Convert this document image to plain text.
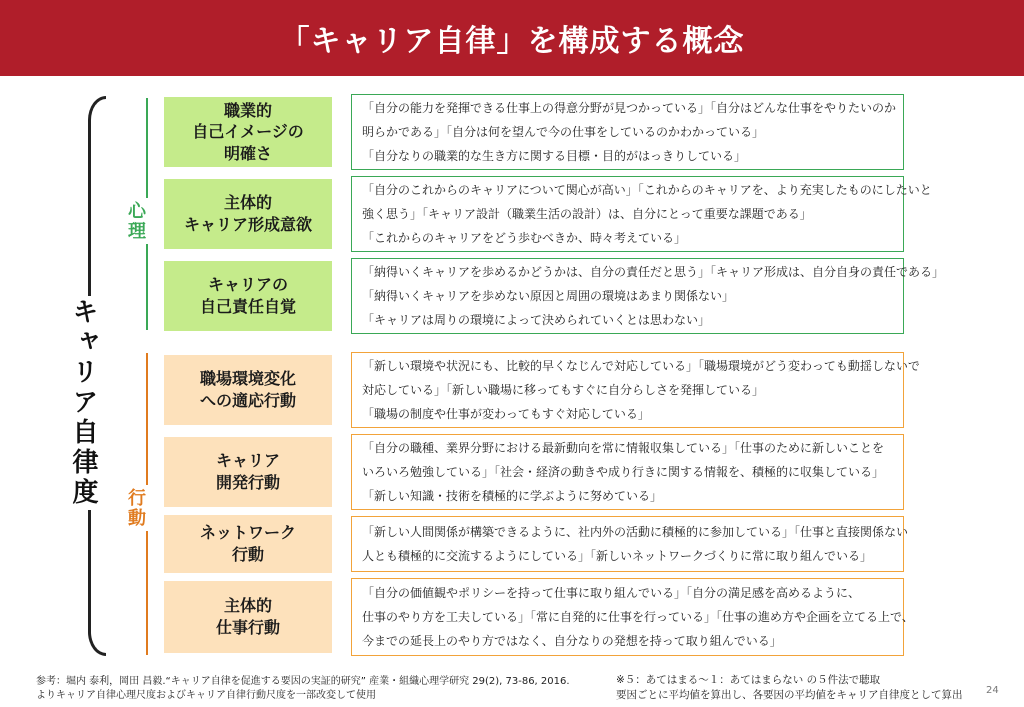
「キャリア自律」を構成する概念
キャリア自律度
心理
行動
職業的
自己イメージの
明確さ
「自分の能力を発揮できる仕事上の得意分野が見つかっている」「自分はどんな仕事をやりたいのか
明らかである」「自分は何を望んで今の仕事をしているのかわかっている」
「自分なりの職業的な生き方に関する目標・目的がはっきりしている」
主体的
キャリア形成意欲
「自分のこれからのキャリアについて関心が高い」「これからのキャリアを、より充実したものにしたいと
強く思う」「キャリア設計（職業生活の設計）は、自分にとって重要な課題である」
「これからのキャリアをどう歩むべきか、時々考えている」
キャリアの
自己責任自覚
「納得いくキャリアを歩めるかどうかは、自分の責任だと思う」「キャリア形成は、自分自身の責任である」
「納得いくキャリアを歩めない原因と周囲の環境はあまり関係ない」
「キャリアは周りの環境によって決められていくとは思わない」
職場環境変化
への適応行動
「新しい環境や状況にも、比較的早くなじんで対応している」「職場環境がどう変わっても動揺しないで
対応している」「新しい職場に移ってもすぐに自分らしさを発揮している」
「職場の制度や仕事が変わってもすぐ対応している」
キャリア
開発行動
「自分の職種、業界分野における最新動向を常に情報収集している」「仕事のために新しいことを
いろいろ勉強している」「社会・経済の動きや成り行きに関する情報を、積極的に収集している」
「新しい知識・技術を積極的に学ぶように努めている」
ネットワーク
行動
「新しい人間関係が構築できるように、社内外の活動に積極的に参加している」「仕事と直接関係ない
人とも積極的に交流するようにしている」「新しいネットワークづくりに常に取り組んでいる」
主体的
仕事行動
「自分の価値観やポリシーを持って仕事に取り組んでいる」「自分の満足感を高めるように、
仕事のやり方を工夫している」「常に自発的に仕事を行っている」「仕事の進め方や企画を立てる上で、
今までの延長上のやり方ではなく、自分なりの発想を持って取り組んでいる」
参考：堀内 泰利，岡田 昌毅.“キャリア自律を促進する要因の実証的研究” 産業・組織心理学研究 29(2), 73-86, 2016.
よりキャリア自律心理尺度およびキャリア自律行動尺度を一部改変して使用
※５：あてはまる〜１：あてはまらない の５件法で聴取
要因ごとに平均値を算出し、各要因の平均値をキャリア自律度として算出 24
